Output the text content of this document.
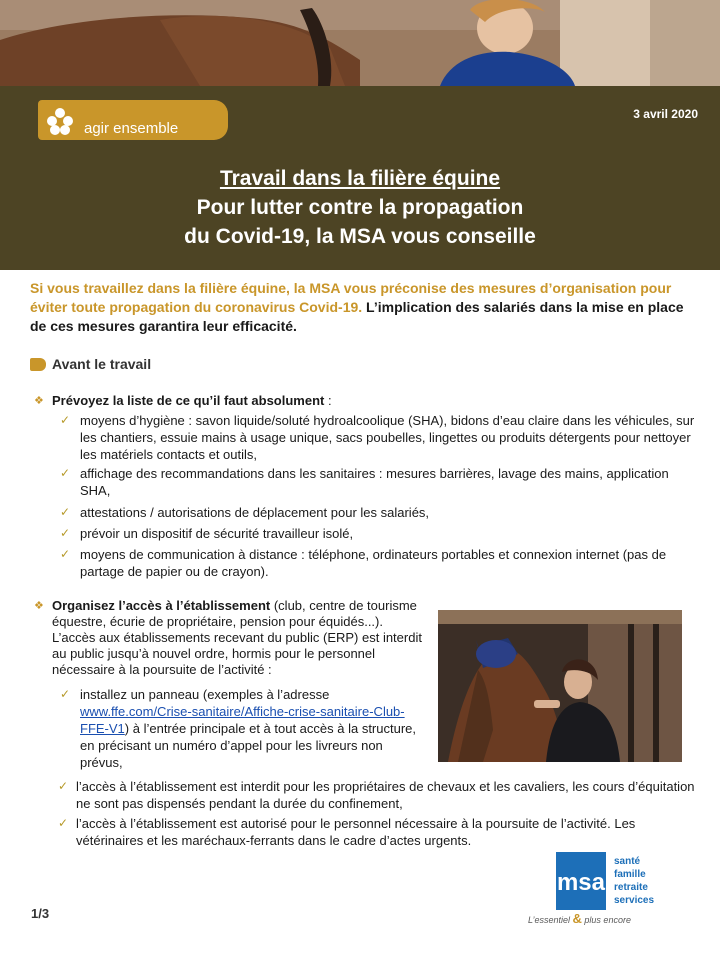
agir ensemble
3 avril 2020
Travail dans la filière équine
Pour lutter contre la propagation
du Covid-19, la MSA vous conseille
Si vous travaillez dans la filière équine, la MSA vous préconise des mesures d’organisation pour éviter toute propagation du coronavirus Covid-19. L’implication des salariés dans la mise en place de ces mesures garantira leur efficacité.
Avant le travail
❖ Prévoyez la liste de ce qu’il faut absolument :
✓ moyens d’hygiène : savon liquide/soluté hydroalcoolique (SHA), bidons d’eau claire dans les véhicules, sur les chantiers, essuie mains à usage unique, sacs poubelles, lingettes ou produits détergents pour nettoyer les matériels contacts et outils,
✓ affichage des recommandations dans les sanitaires : mesures barrières, lavage des mains, application SHA,
✓ attestations / autorisations de déplacement pour les salariés,
✓ prévoir un dispositif de sécurité travailleur isolé,
✓ moyens de communication à distance : téléphone, ordinateurs portables et connexion internet (pas de partage de papier ou de crayon).
❖ Organisez l’accès à l’établissement (club, centre de tourisme équestre, écurie de propriétaire, pension pour équidés...). L’accès aux établissements recevant du public (ERP) est interdit au public jusqu’à nouvel ordre, hormis pour le personnel nécessaire à la poursuite de l’activité :
✓ installez un panneau (exemples à l’adresse www.ffe.com/Crise-sanitaire/Affiche-crise-sanitaire-Club-FFE-V1) à l’entrée principale et à tout accès à la structure, en précisant un numéro d’appel pour les livreurs non prévus,
✓ l’accès à l’établissement est interdit pour les propriétaires de chevaux et les cavaliers, les cours d’équitation ne sont pas dispensés pendant la durée du confinement,
✓ l’accès à l’établissement est autorisé pour le personnel nécessaire à la poursuite de l’activité. Les vétérinaires et les maréchaux-ferrants dans le cadre d’actes urgents.
1/3
msa
santé
famille
retraite
services
L’essentiel & plus encore
